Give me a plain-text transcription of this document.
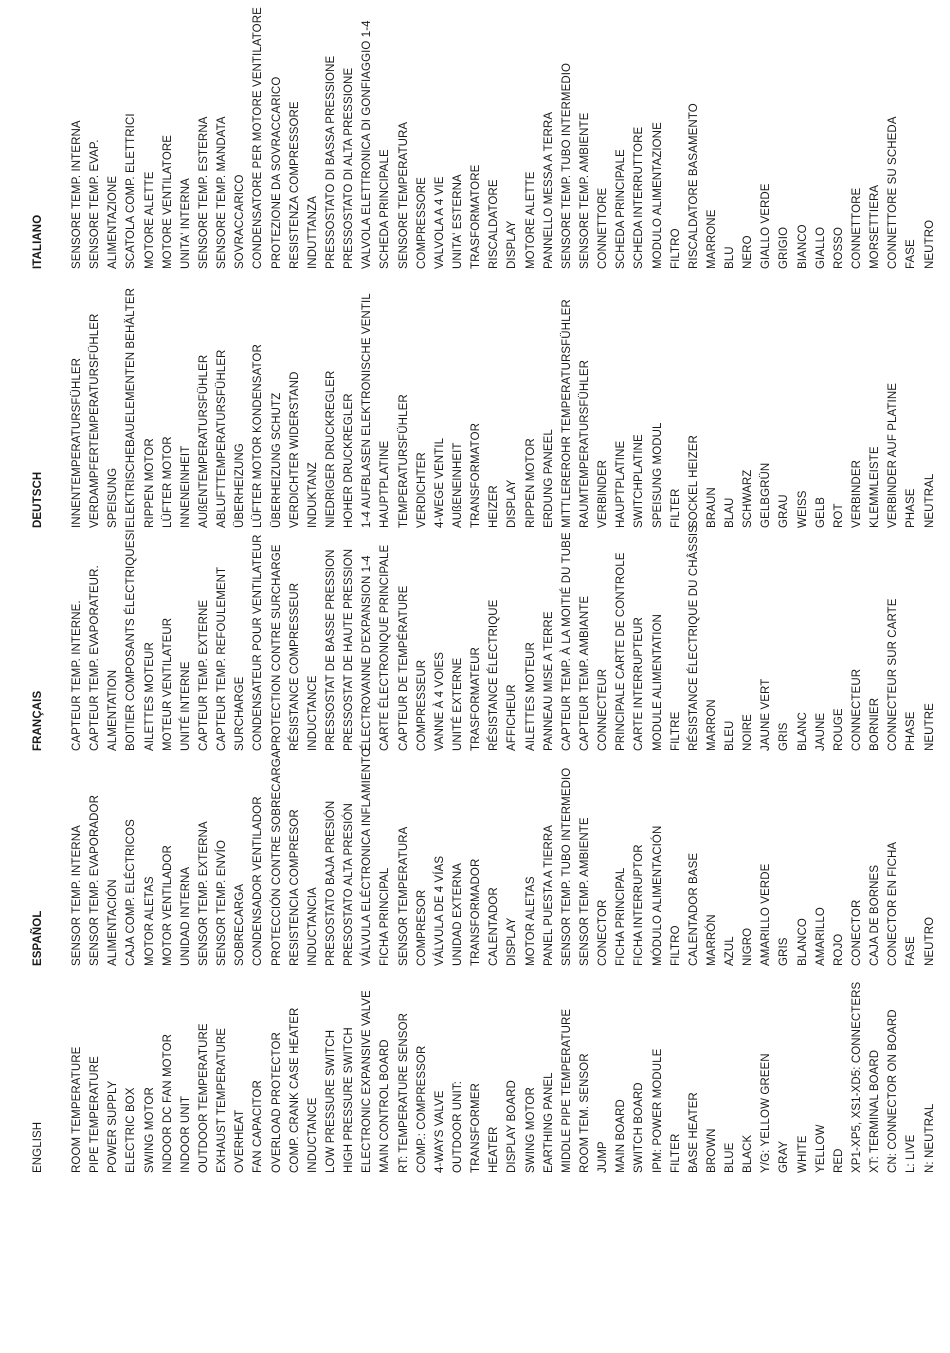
ENGLISH ROOM TEMPERATURE PIPE TEMPERATURE POWER SUPPLY ELECTRIC BOX SWING MOTOR INDOOR DC FAN MOTOR INDOOR UNIT OUTDOOR TEMPERATURE EXHAUST TEMPERATURE OVERHEAT FAN CAPACITOR OVERLOAD PROTECTOR COMP. CRANK CASE HEATER INDUCTANCE LOW PRESSURE SWITCH HIGH PRESSURE SWITCH ELECTRONIC EXPANSIVE VALVE MAIN CONTROL BOARD RT: TEMPERATURE SENSOR COMP.: COMPRESSOR 4-WAYS VALVE OUTDOOR UNIT: TRANSFORMER HEATER DISPLAY BOARD SWING MOTOR EARTHING PANEL MIDDLE PIPE TEMPERATURE ROOM TEM. SENSOR JUMP MAIN BOARD SWITCH BOARD IPM: POWER MODULE FILTER BASE HEATER BROWN BLUE BLACK Y/G: YELLOW GREEN GRAY WHITE YELLOW RED XP1-XP5, XS1-XD5: CONNECTERS XT: TERMINAL BOARD CN: CONNECTOR ON BOARD L: LIVE N: NEUTRAL
ESPAÑOL SENSOR TEMP. INTERNA SENSOR TEMP. EVAPORADOR ALIMENTACIÓN CAJA COMP. ELÉCTRICOS MOTOR ALETAS MOTOR VENTILADOR UNIDAD INTERNA SENSOR TEMP. EXTERNA SENSOR TEMP. ENVÍO SOBRECARGA CONDENSADOR VENTILADOR PROTECCIÓN CONTRE SOBRECARGA RESISTENCIA COMPRESOR INDUCTANCIA PRESOSTATO BAJA PRESIÓN PRESOSTATO ALTA PRESIÓN VÁLVULA ELÉCTRONICA INFLAMIENTO FICHA PRINCIPAL SENSOR TEMPERATURA COMPRESOR VÁLVULA DE 4 VÍAS UNIDAD EXTERNA TRANSFORMADOR CALENTADOR DISPLAY MOTOR ALETAS PANEL PUESTA A TIERRA SENSOR TEMP. TUBO INTERMEDIO SENSOR TEMP. AMBIENTE CONECTOR FICHA PRINCIPAL FICHA INTERRUPTOR MÓDULO ALIMENTACIÓN FILTRO CALENTADOR BASE MARRÓN AZUL NIGRO AMARILLO VERDE GRIS BLANCO AMARILLO ROJO CONECTOR CAJA DE BORNES CONECTOR EN FICHA FASE NEUTRO
FRANÇAIS CAPTEUR TEMP. INTERNE. CAPTEUR TEMP. EVAPORATEUR. ALMENTATION BOITIER COMPOSANTS ÉLECTRIQUESI AILETTES MOTEUR MOTEUR VENTILATEUR UNITÉ INTERNE CAPTEUR TEMP. EXTERNE CAPTEUR TEMP. REFOULEMENT SURCHARGE CONDENSATEUR POUR VENTILATEUR PROTECTION CONTRE SURCHARGE RÉSISTANCE COMPRESSEUR INDUCTANCE PRESSOSTAT DE BASSE PRESSION PRESSOSTAT DE HAUTE PRESSION ÉLECTROVANNE D'EXPANSION 1-4 CARTE ÉLECTRONIQUE PRINCIPALE CAPTEUR DE TEMPÉRATURE COMPRESSEUR VANNE À 4 VOIES UNITÉ EXTERNE TRASFORMATEUR RÉSISTANCE ÉLECTRIQUE AFFICHEUR AILETTES MOTEUR PANNEAU MISE A TERRE CAPTEUR TEMP. À LA MOITIÉ DU TUBE CAPTEUR TEMP. AMBIANTE CONNECTEUR PRINCIPALE CARTE DE CONTROLE CARTE INTERRUPTEUR MODULE ALIMENTATION FILTRE RÉSISTANCE ÉLECTRIQUE DU CHÂSSIS MARRON BLEU NOIRE JAUNE VERT GRIS BLANC JAUNE ROUGE CONNECTEUR BORNIER CONNECTEUR SUR CARTE PHASE NEUTRE
DEUTSCH INNENTEMPERATURSFÜHLER VERDAMPFERTEMPERATURSFÜHLER SPEISUNG ELEKTRISCHEBAUELEMENTEN BEHÄLTER RIPPEN MOTOR LÜFTER MOTOR INNENEINHEIT AUßENTEMPERATURSFÜHLER ABLUFTTEMPERATURSFÜHLER ÜBERHEIZUNG LÜFTER MOTOR KONDENSATOR ÜBERHEIZUNG SCHUTZ VERDICHTER WIDERSTAND INDUKTANZ NIEDRIGER DRUCKREGLER HOHER DRUCKREGLER 1-4 AUFBLASEN ELEKTRONISCHE VENTIL HAUPTPLATINE TEMPERATURSFÜHLER VERDICHTER 4-WEGE VENTIL AUßENEINHEIT TRANSFORMATOR HEIZER DISPLAY RIPPEN MOTOR ERDUNG PANEEL MITTLEREROHR TEMPERATURSFÜHLER RAUMTEMPERATURSFÜHLER VERBINDER HAUPTPLATINE SWITCHPLATINE SPEISUNG MODUL FILTER SOCKEL HEIZER BRAUN BLAU SCHWARZ GELBGRÜN GRAU WEISS GELB ROT VERBINDER KLEMMLEISTE VERBINDER AUF PLATINE PHASE NEUTRAL
ITALIANO SENSORE TEMP. INTERNA SENSORE TEMP. EVAP. ALIMENTAZIONE SCATOLA COMP. ELETTRICI MOTORE ALETTE MOTORE VENTILATORE UNITA' INTERNA SENSORE TEMP. ESTERNA SENSORE TEMP. MANDATA SOVRACCARICO CONDENSATORE PER MOTORE VENTILATORE PROTEZIONE DA SOVRACCARICO RESISTENZA COMPRESSORE INDUTTANZA PRESSOSTATO DI BASSA PRESSIONE PRESSOSTATO DI ALTA PRESSIONE VALVOLA ELETTRONICA DI GONFIAGGIO 1-4 SCHEDA PRINCIPALE SENSORE TEMPERATURA COMPRESSORE VALVOLA A 4 VIE UNITA' ESTERNA TRASFORMATORE RISCALDATORE DISPLAY MOTORE ALETTE PANNELLO MESSA A TERRA SENSORE TEMP. TUBO INTERMEDIO SENSORE TEMP. AMBIENTE CONNETTORE SCHEDA PRINCIPALE SCHEDA INTERRUTTORE MODULO ALIMENTAZIONE FILTRO RISCALDATORE BASAMENTO MARRONE BLU NERO GIALLO VERDE GRIGIO BIANCO GIALLO ROSSO CONNETTORE MORSETTIERA CONNETTORE SU SCHEDA FASE NEUTRO
